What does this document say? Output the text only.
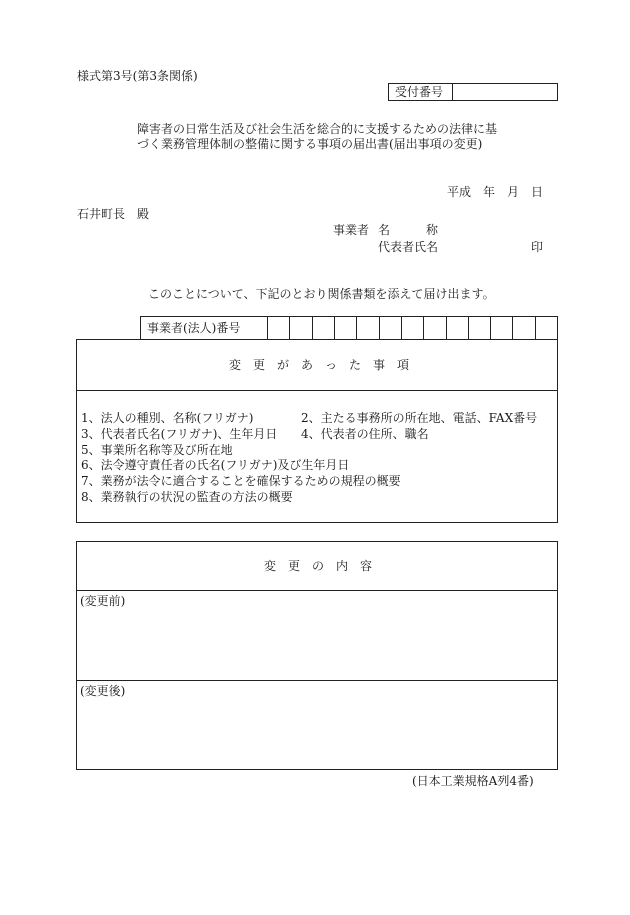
様式第3号(第3条関係)
受付番号
障害者の日常生活及び社会生活を総合的に支援するための法律に基
づく業務管理体制の整備に関する事項の届出書(届出事項の変更)
平成　年　月　日
石井町長　殿
事業者 名　　　称
代表者氏名	印
このことについて、下記のとおり関係書類を添えて届け出ます。
事業者(法人)番号
変　更　が　あ　っ　た　事　項
1、法人の種別、名称(フリガナ)	2、主たる事務所の所在地、電話、FAX番号
3、代表者氏名(フリガナ)、生年月日 4、代表者の住所、職名
5、事業所名称等及び所在地
6、法令遵守責任者の氏名(フリガナ)及び生年月日
7、業務が法令に適合することを確保するための規程の概要
8、業務執行の状況の監査の方法の概要
変　更　の　内　容
(変更前)
(変更後)
(日本工業規格A列4番)
